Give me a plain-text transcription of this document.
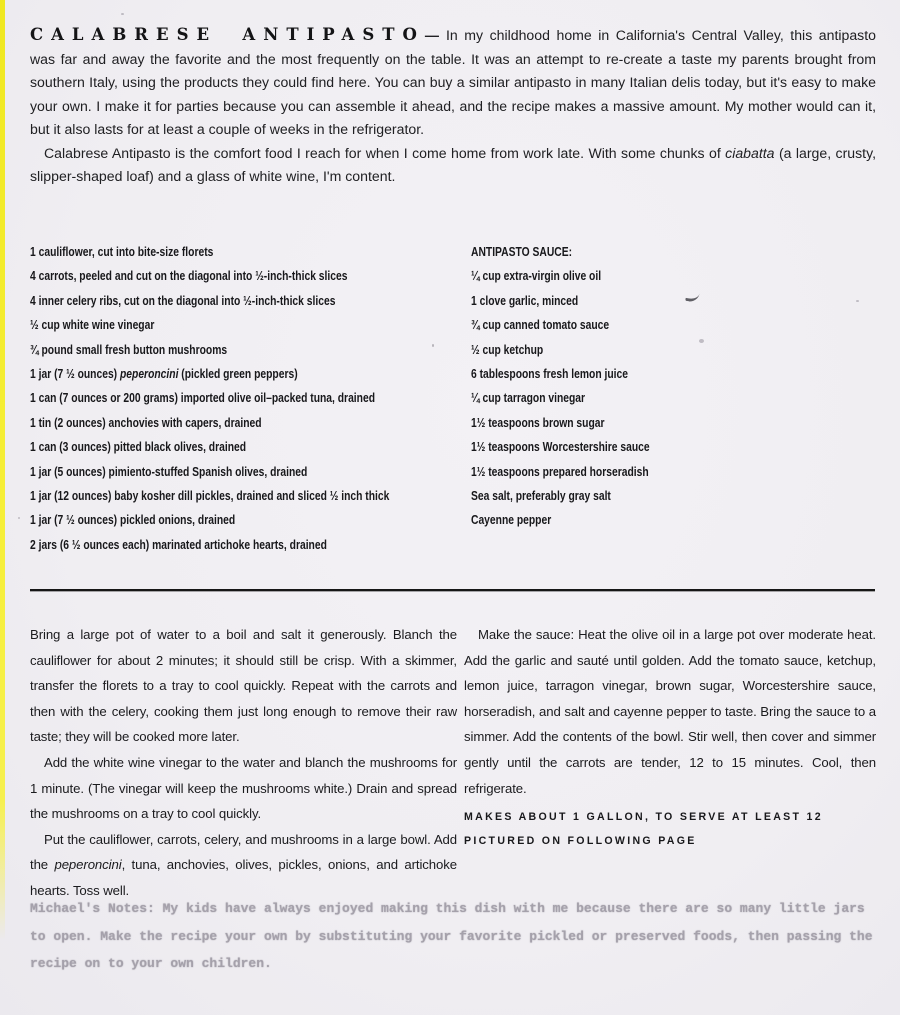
CALABRESE ANTIPASTO— In my childhood home in California's Central Valley, this antipasto was far and away the favorite and the most frequently on the table. It was an attempt to re-create a taste my parents brought from southern Italy, using the products they could find here. You can buy a similar antipasto in many Italian delis today, but it's easy to make your own. I make it for parties because you can assemble it ahead, and the recipe makes a massive amount. My mother would can it, but it also lasts for at least a couple of weeks in the refrigerator.

Calabrese Antipasto is the comfort food I reach for when I come home from work late. With some chunks of ciabatta (a large, crusty, slipper-shaped loaf) and a glass of white wine, I'm content.

1 cauliflower, cut into bite-size florets
4 carrots, peeled and cut on the diagonal into ½-inch-thick slices
4 inner celery ribs, cut on the diagonal into ½-inch-thick slices
½ cup white wine vinegar
¾ pound small fresh button mushrooms
1 jar (7 ½ ounces) peperoncini (pickled green peppers)
1 can (7 ounces or 200 grams) imported olive oil–packed tuna, drained
1 tin (2 ounces) anchovies with capers, drained
1 can (3 ounces) pitted black olives, drained
1 jar (5 ounces) pimiento-stuffed Spanish olives, drained
1 jar (12 ounces) baby kosher dill pickles, drained and sliced ½ inch thick
1 jar (7 ½ ounces) pickled onions, drained
2 jars (6 ½ ounces each) marinated artichoke hearts, drained
ANTIPASTO SAUCE:
¼ cup extra-virgin olive oil
1 clove garlic, minced
¾ cup canned tomato sauce
½ cup ketchup
6 tablespoons fresh lemon juice
¼ cup tarragon vinegar
1½ teaspoons brown sugar
1½ teaspoons Worcestershire sauce
1½ teaspoons prepared horseradish
Sea salt, preferably gray salt
Cayenne pepper

Bring a large pot of water to a boil and salt it generously. Blanch the cauliflower for about 2 minutes; it should still be crisp. With a skimmer, transfer the florets to a tray to cool quickly. Repeat with the carrots and then with the celery, cooking them just long enough to remove their raw taste; they will be cooked more later.

Add the white wine vinegar to the water and blanch the mushrooms for 1 minute. (The vinegar will keep the mushrooms white.) Drain and spread the mushrooms on a tray to cool quickly.

Put the cauliflower, carrots, celery, and mushrooms in a large bowl. Add the peperoncini, tuna, anchovies, olives, pickles, onions, and artichoke hearts. Toss well.

Make the sauce: Heat the olive oil in a large pot over moderate heat. Add the garlic and sauté until golden. Add the tomato sauce, ketchup, lemon juice, tarragon vinegar, brown sugar, Worcestershire sauce, horseradish, and salt and cayenne pepper to taste. Bring the sauce to a simmer. Add the contents of the bowl. Stir well, then cover and simmer gently until the carrots are tender, 12 to 15 minutes. Cool, then refrigerate.

MAKES ABOUT 1 GALLON, TO SERVE AT LEAST 12
PICTURED ON FOLLOWING PAGE
Michael's Notes: My kids have always enjoyed making this dish with me because there are so many little jars to open. Make the recipe your own by substituting your favorite pickled or preserved foods, then passing the recipe on to your own children.
